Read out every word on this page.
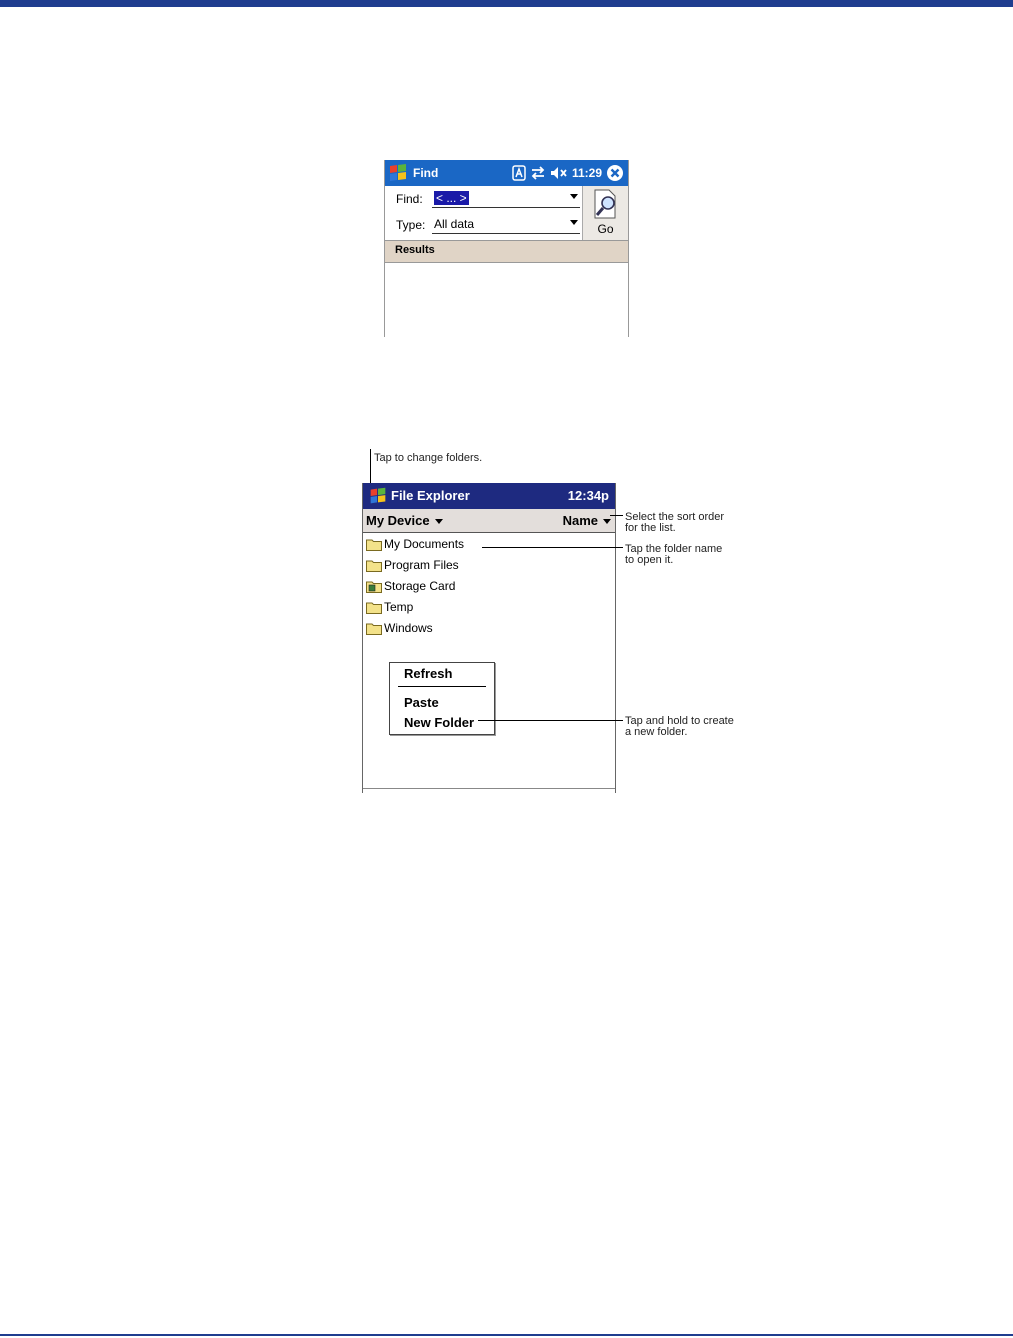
Find	11:29
Find: < ... >
Type: All data	Go
Results
Tap to change folders.
File Explorer	12:34p
My Device	Name
My Documents
Program Files
Storage Card
Temp
Windows
Refresh
Paste
New Folder
Select the sort order
for the list.
Tap the folder name
to open it.
Tap and hold to create
a new folder.
